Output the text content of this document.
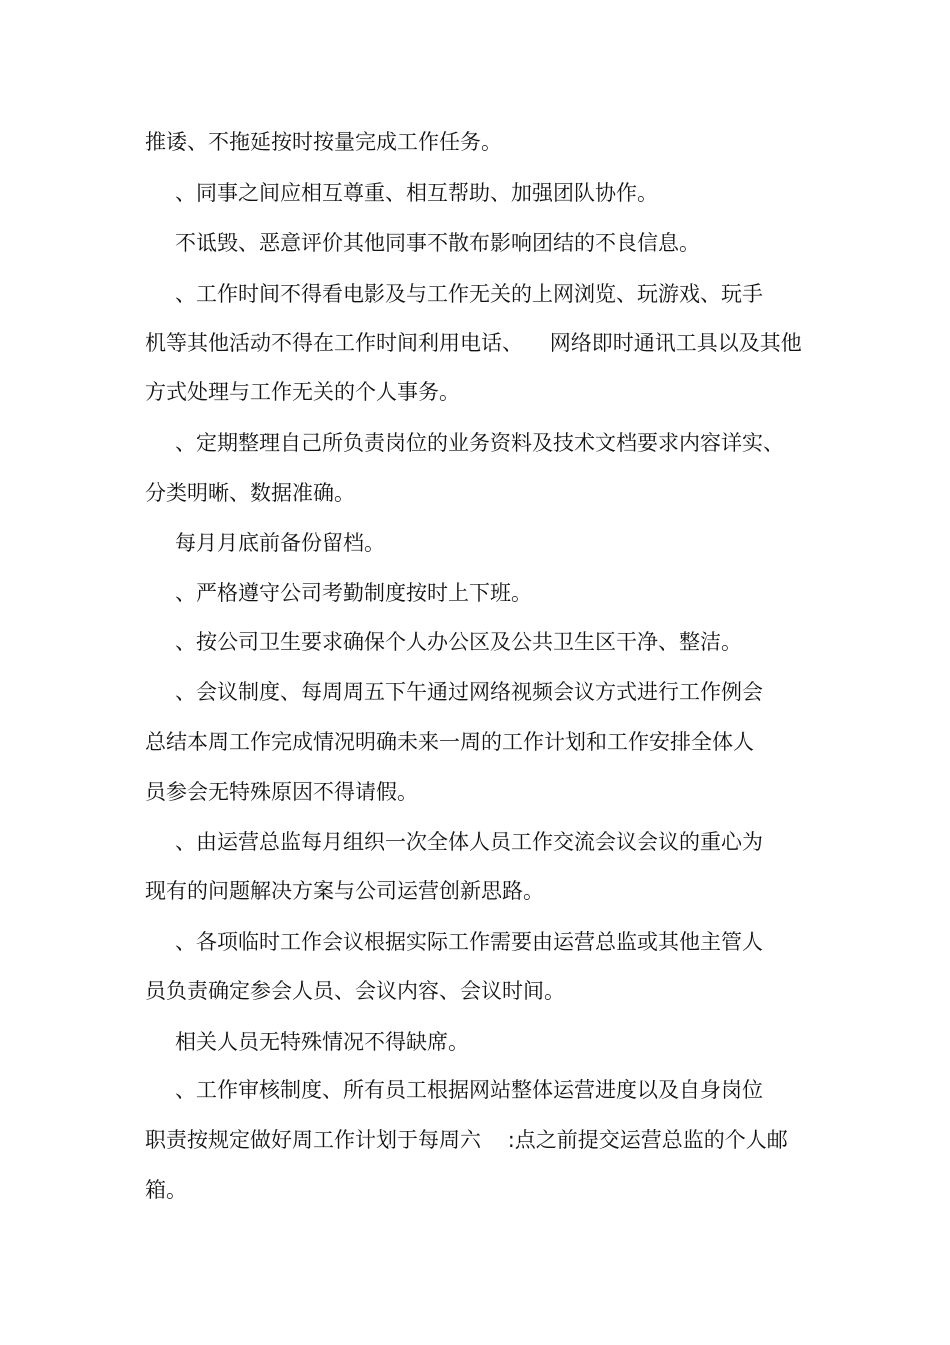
推诿、不拖延按时按量完成工作任务。
、同事之间应相互尊重、相互帮助、加强团队协作。
不诋毁、恶意评价其他同事不散布影响团结的不良信息。
、工作时间不得看电影及与工作无关的上网浏览、玩游戏、玩手
机等其他活动不得在工作时间利用电话、    网络即时通讯工具以及其他
方式处理与工作无关的个人事务。
、定期整理自己所负责岗位的业务资料及技术文档要求内容详实、
分类明晰、数据准确。
每月月底前备份留档。
、严格遵守公司考勤制度按时上下班。
、按公司卫生要求确保个人办公区及公共卫生区干净、整洁。
、会议制度、每周周五下午通过网络视频会议方式进行工作例会
总结本周工作完成情况明确未来一周的工作计划和工作安排全体人
员参会无特殊原因不得请假。
、由运营总监每月组织一次全体人员工作交流会议会议的重心为
现有的问题解决方案与公司运营创新思路。
、各项临时工作会议根据实际工作需要由运营总监或其他主管人
员负责确定参会人员、会议内容、会议时间。
相关人员无特殊情况不得缺席。
、工作审核制度、所有员工根据网站整体运营进度以及自身岗位
职责按规定做好周工作计划于每周六    :点之前提交运营总监的个人邮
箱。
